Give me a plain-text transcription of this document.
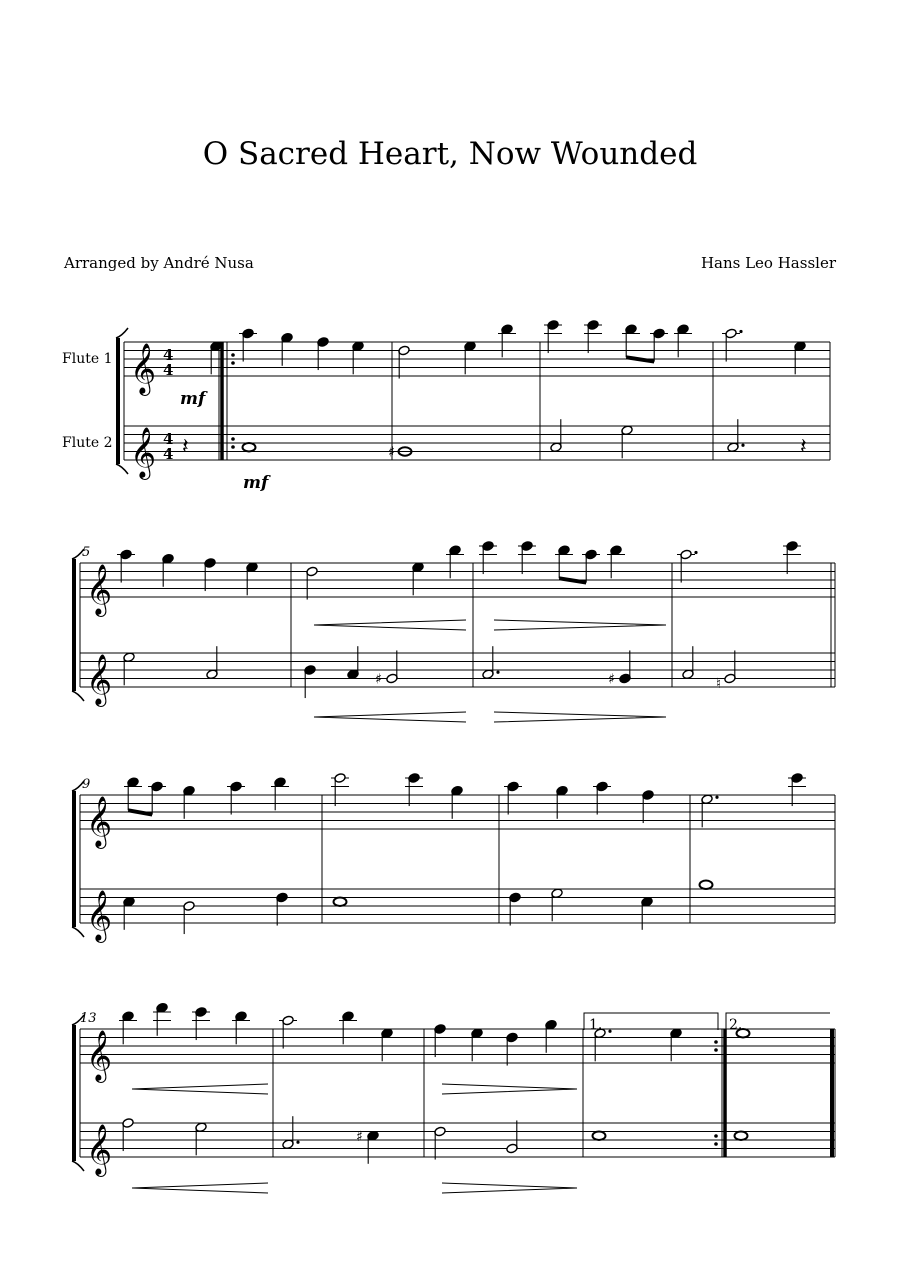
O Sacred Heart, Now Wounded
Arranged by André Nusa	Hans Leo Hassler
𝄞
𝄞
𝄞
𝄞
𝄞
𝄞
𝄞
𝄞
𝄽	♯	𝄽
♯	♯
♯
♮
Flute 1
Flute 2
mf
mf
5
9
13	1.	2.
4
4
4
4
